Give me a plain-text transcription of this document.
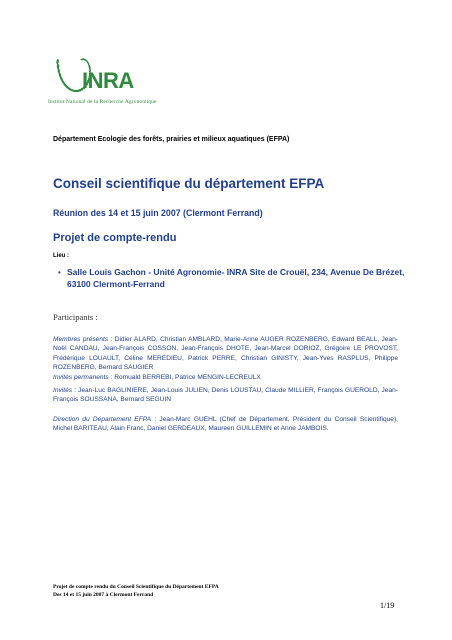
INRA
Institut National de la Recherche Agronomique
Département Ecologie des forêts, prairies et milieux aquatiques (EFPA)
Conseil scientifique du département EFPA
Réunion des 14 et 15 juin 2007 (Clermont Ferrand)
Projet de compte-rendu
Lieu :
• Salle Louis Gachon - Unité Agronomie- INRA Site de Crouël, 234, Avenue De Brézet, 63100 Clermont-Ferrand
Participants :
Membres présents : Didier ALARD, Christian AMBLARD, Marie-Anne AUGER ROZENBERG, Edward BEALL, Jean-Noël CANDAU, Jean-François COSSON, Jean-François DHOTE, Jean-Marcel DORIOZ, Grégoire LE PROVOST, Frédérique LOUAULT, Céline MEREDIEU, Patrick PERRE, Christian GINISTY, Jean-Yves RASPLUS, Philippe ROZENBERG, Bernard SAUGIER
Invités permanents : Romuald BERREBI, Patrice MENGIN-LECREULX
Invités : Jean-Luc BAGLINIERE, Jean-Louis JULIEN, Denis LOUSTAU, Claude MILLIER, François GUEROLD, Jean-François SOUSSANA, Bernard SEGUIN
Direction du Département EFPA : Jean-Marc GUEHL (Chef de Département, Président du Conseil Scientifique), Michel BARITEAU, Alain Franc, Daniel GERDEAUX, Maureen GUILLEMIN et Anne JAMBOIS.
Projet de compte rendu du Conseil Scientifique du Département EFPA
Des 14 et 15 juin 2007 à Clermont Ferrand
1/19
